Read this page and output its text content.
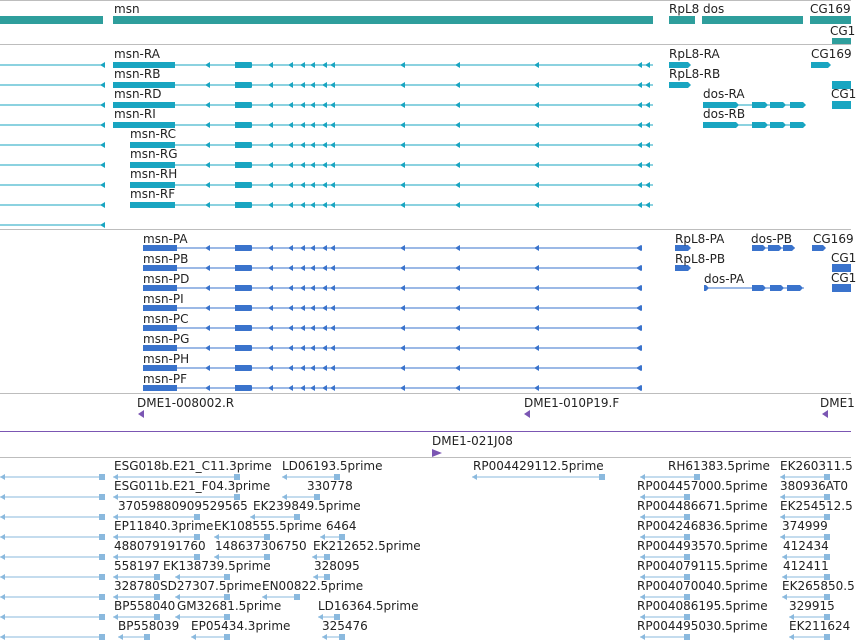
msn	RpL8 dos	CG169
CG1
msn-RA
msn-RB
msn-RD
msn-RI
msn-RC
msn-RG
msn-RH
msn-RF
RpL8-RA
RpL8-RB
dos-RA
dos-RB
CG169
CG1
msn-PA
msn-PB
msn-PD
msn-PI
msn-PC
msn-PG
msn-PH
msn-PF
RpL8-PA
RpL8-PB
dos-PB
dos-PA
CG169
CG1
CG1
DME1-008002.R	DME1-010P19.F	DME1
DME1-021J08
ESG018b.E21_C11.3prime LD06193.5prime	RP004429112.5prime	RH61383.5prime EK260311.5
ESG011b.E21_F04.3prime	330778	RP004457000.5prime 380936AT0
37059880909529565 EK239849.5prime	RP004486671.5prime EK254512.5
EP11840.3prime EK108555.5prime 6464	RP004246836.5prime 374999
488079191760 148637306750 EK212652.5prime	RP004493570.5prime 412434
558197 EK138739.5prime	328095	RP004079115.5prime 412411
328780 SD27307.5prime EN00822.5prime	RP004070040.5prime EK265850.5
BP558040 GM32681.5prime	LD16364.5prime	RP004086195.5prime 329915
BP558039 EP05434.3prime	325476	RP004495030.5prime EK211624
